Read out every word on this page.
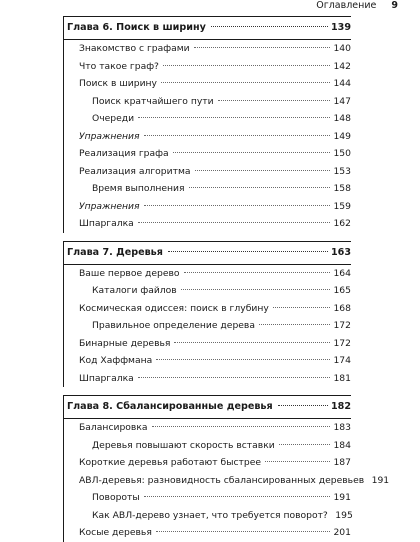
Оглавление 9
Глава 6. Поиск в ширину	139
Знакомство с графами	140
Что такое граф?	142
Поиск в ширину	144
Поиск кратчайшего пути	147
Очереди	148
Упражнения	149
Реализация графа	150
Реализация алгоритма	153
Время выполнения	158
Упражнения	159
Шпаргалка	162
Глава 7. Деревья	163
Ваше первое дерево	164
Каталоги файлов	165
Космическая одиссея: поиск в глубину	168
Правильное определение дерева	172
Бинарные деревья	172
Код Хаффмана	174
Шпаргалка	181
Глава 8. Сбалансированные деревья	182
Балансировка	183
Деревья повышают скорость вставки	184
Короткие деревья работают быстрее	187
АВЛ-деревья: разновидность сбалансированных деревьев 191
Повороты	191
Как АВЛ-дерево узнает, что требуется поворот? 195
Косые деревья	201
